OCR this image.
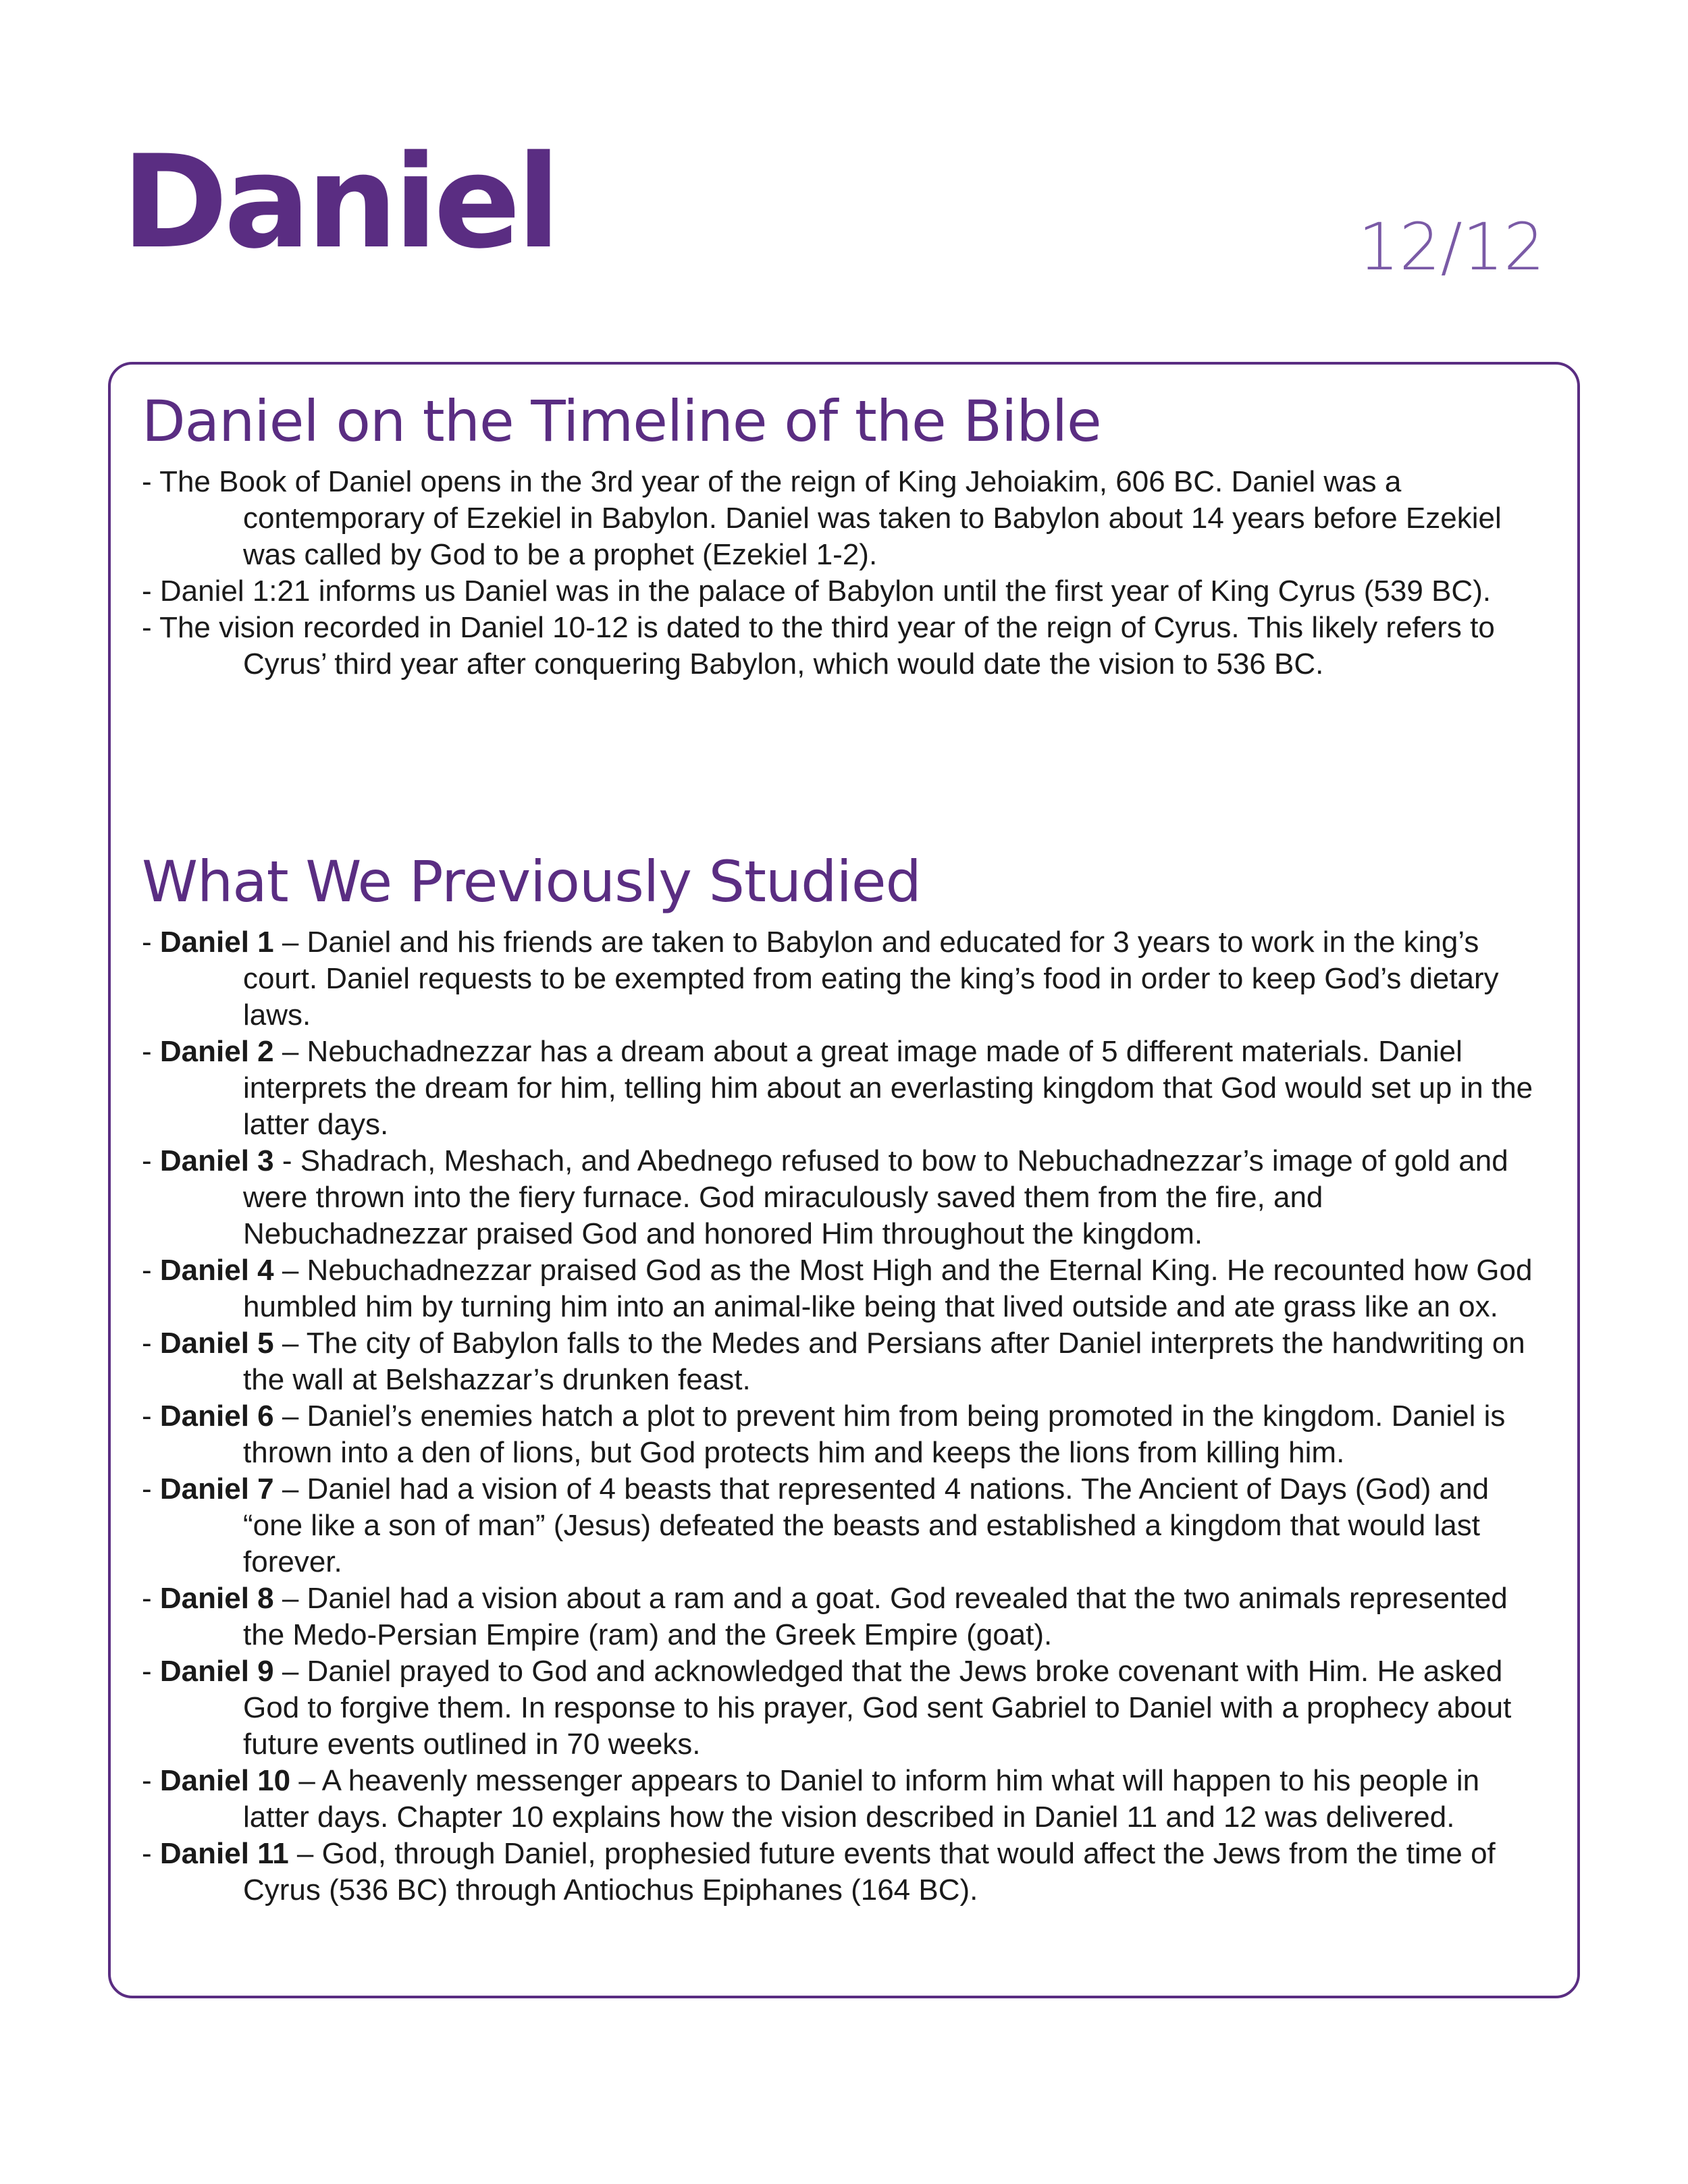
Daniel	12/12
Daniel on the Timeline of the Bible
- The Book of Daniel opens in the 3rd year of the reign of King Jehoiakim, 606 BC. Daniel was a contemporary of Ezekiel in Babylon. Daniel was taken to Babylon about 14 years before Ezekiel was called by God to be a prophet (Ezekiel 1-2).
- Daniel 1:21 informs us Daniel was in the palace of Babylon until the first year of King Cyrus (539 BC).
- The vision recorded in Daniel 10-12 is dated to the third year of the reign of Cyrus. This likely refers to Cyrus’ third year after conquering Babylon, which would date the vision to 536 BC.
What We Previously Studied
- Daniel 1 – Daniel and his friends are taken to Babylon and educated for 3 years to work in the king’s court. Daniel requests to be exempted from eating the king’s food in order to keep God’s dietary laws.
- Daniel 2 – Nebuchadnezzar has a dream about a great image made of 5 different materials. Daniel interprets the dream for him, telling him about an everlasting kingdom that God would set up in the latter days.
- Daniel 3 - Shadrach, Meshach, and Abednego refused to bow to Nebuchadnezzar’s image of gold and were thrown into the fiery furnace. God miraculously saved them from the fire, and Nebuchadnezzar praised God and honored Him throughout the kingdom.
- Daniel 4 – Nebuchadnezzar praised God as the Most High and the Eternal King. He recounted how God humbled him by turning him into an animal-like being that lived outside and ate grass like an ox.
- Daniel 5 – The city of Babylon falls to the Medes and Persians after Daniel interprets the handwriting on the wall at Belshazzar’s drunken feast.
- Daniel 6 – Daniel’s enemies hatch a plot to prevent him from being promoted in the kingdom. Daniel is thrown into a den of lions, but God protects him and keeps the lions from killing him.
- Daniel 7 – Daniel had a vision of 4 beasts that represented 4 nations. The Ancient of Days (God) and “one like a son of man” (Jesus) defeated the beasts and established a kingdom that would last forever.
- Daniel 8 – Daniel had a vision about a ram and a goat. God revealed that the two animals represented the Medo-Persian Empire (ram) and the Greek Empire (goat).
- Daniel 9 – Daniel prayed to God and acknowledged that the Jews broke covenant with Him. He asked God to forgive them. In response to his prayer, God sent Gabriel to Daniel with a prophecy about future events outlined in 70 weeks.
- Daniel 10 – A heavenly messenger appears to Daniel to inform him what will happen to his people in latter days. Chapter 10 explains how the vision described in Daniel 11 and 12 was delivered.
- Daniel 11 – God, through Daniel, prophesied future events that would affect the Jews from the time of Cyrus (536 BC) through Antiochus Epiphanes (164 BC).
